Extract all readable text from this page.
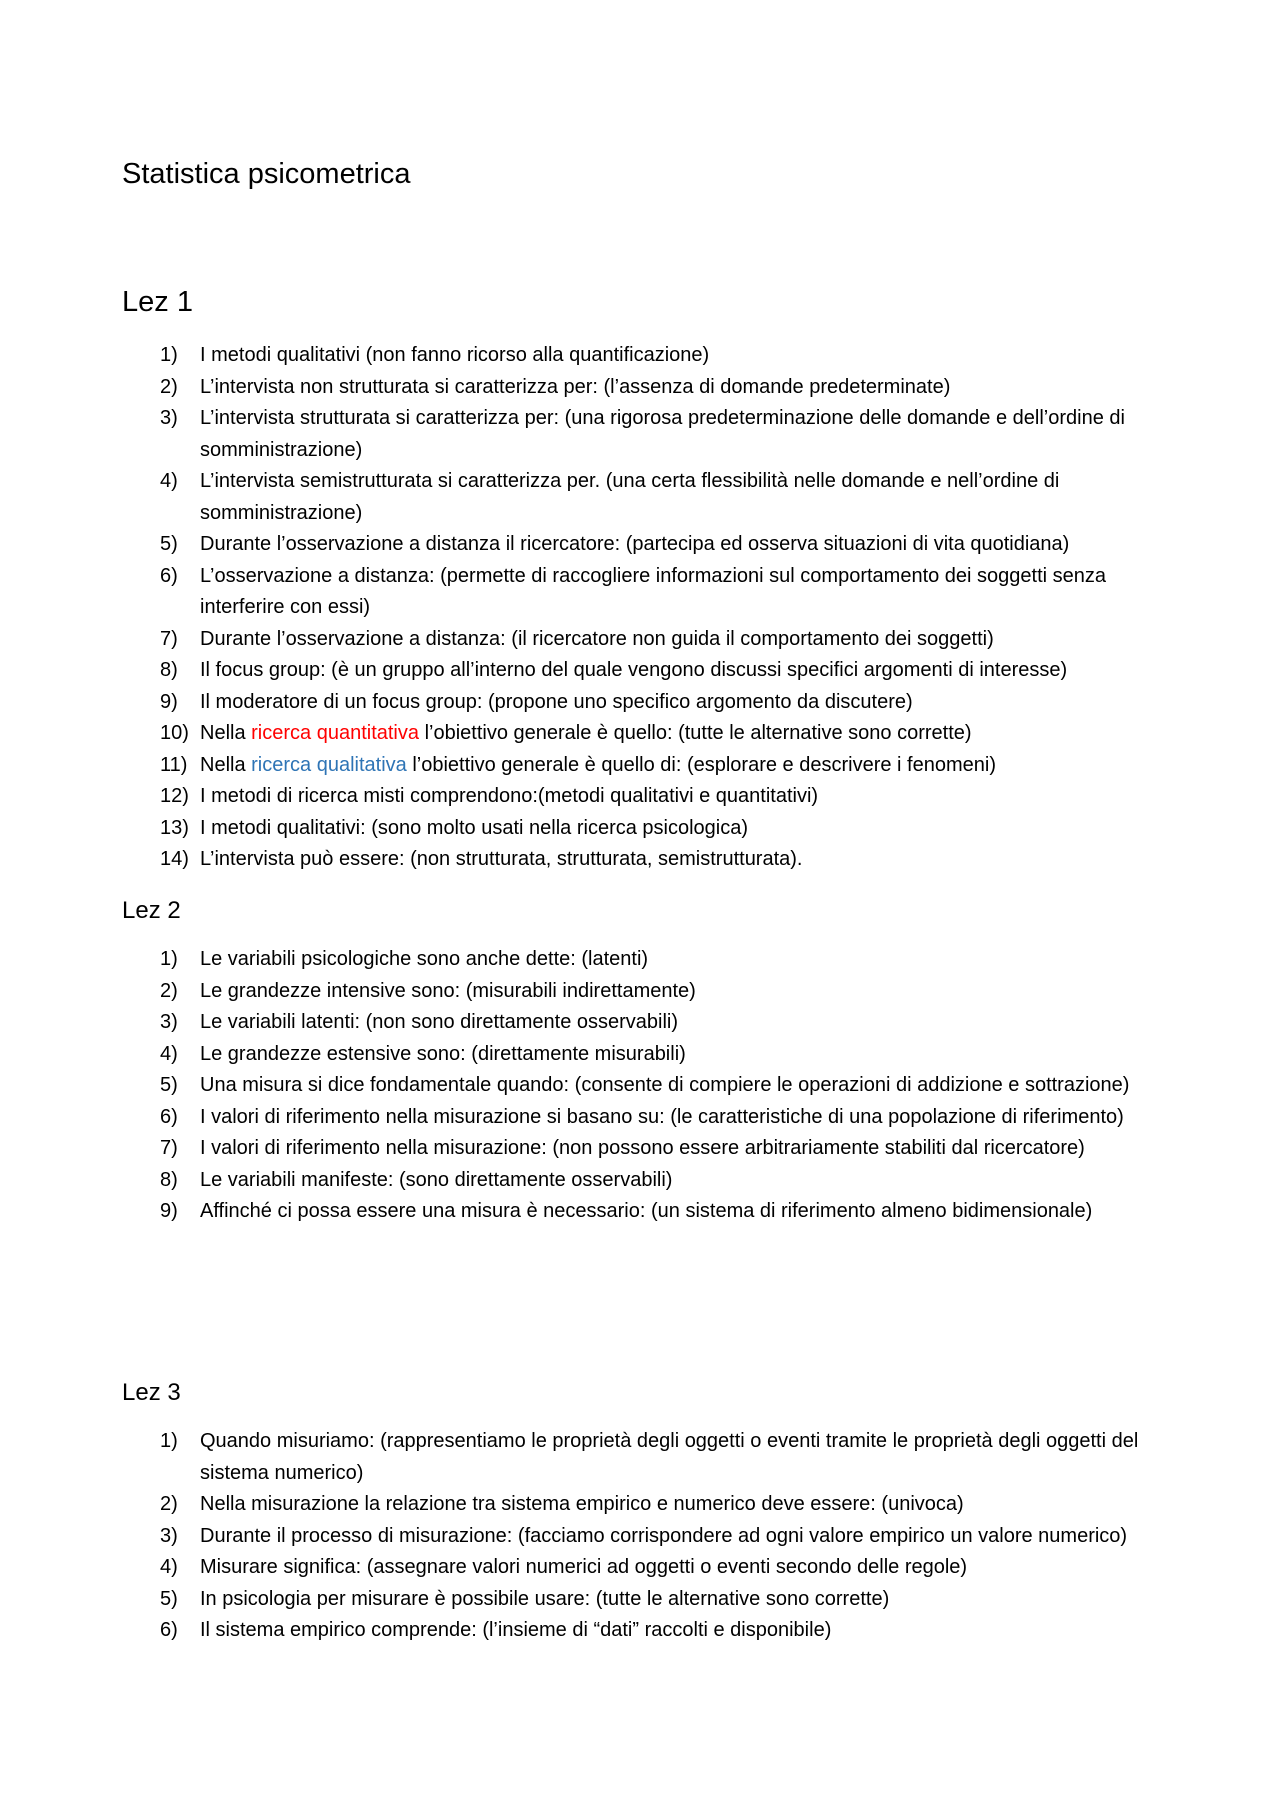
Statistica psicometrica
Lez 1
1)	I metodi qualitativi (non fanno ricorso alla quantificazione)
2)	L’intervista non strutturata si caratterizza per: (l’assenza di domande predeterminate)
3)	L’intervista strutturata si caratterizza per: (una rigorosa predeterminazione delle domande e dell’ordine di somministrazione)
4)	L’intervista semistrutturata si caratterizza per. (una certa flessibilità nelle domande e nell’ordine di somministrazione)
5)	Durante l’osservazione a distanza il ricercatore: (partecipa ed osserva situazioni di vita quotidiana)
6)	L’osservazione a distanza: (permette di raccogliere informazioni sul comportamento dei soggetti senza interferire con essi)
7)	Durante l’osservazione a distanza: (il ricercatore non guida il comportamento dei soggetti)
8)	Il focus group: (è un gruppo all’interno del quale vengono discussi specifici argomenti di interesse)
9)	Il moderatore di un focus group: (propone uno specifico argomento da discutere)
10) Nella ricerca quantitativa l’obiettivo generale è quello: (tutte le alternative sono corrette)
11) Nella ricerca qualitativa l’obiettivo generale è quello di: (esplorare e descrivere i fenomeni)
12) I metodi di ricerca misti comprendono:(metodi qualitativi e quantitativi)
13) I metodi qualitativi: (sono molto usati nella ricerca psicologica)
14) L’intervista può essere: (non strutturata, strutturata, semistrutturata).
Lez 2
1)	Le variabili psicologiche sono anche dette: (latenti)
2)	Le grandezze intensive sono: (misurabili indirettamente)
3)	Le variabili latenti: (non sono direttamente osservabili)
4)	Le grandezze estensive sono: (direttamente misurabili)
5)	Una misura si dice fondamentale quando: (consente di compiere le operazioni di addizione e sottrazione)
6)	I valori di riferimento nella misurazione si basano su: (le caratteristiche di una popolazione di riferimento)
7)	I valori di riferimento nella misurazione: (non possono essere arbitrariamente stabiliti dal ricercatore)
8)	Le variabili manifeste: (sono direttamente osservabili)
9)	Affinché ci possa essere una misura è necessario: (un sistema di riferimento almeno bidimensionale)
Lez 3
1)	Quando misuriamo: (rappresentiamo le proprietà degli oggetti o eventi tramite le proprietà degli oggetti del sistema numerico)
2)	Nella misurazione la relazione tra sistema empirico e numerico deve essere: (univoca)
3)	Durante il processo di misurazione: (facciamo corrispondere ad ogni valore empirico un valore numerico)
4)	Misurare significa: (assegnare valori numerici ad oggetti o eventi secondo delle regole)
5)	In psicologia per misurare è possibile usare: (tutte le alternative sono corrette)
6)	Il sistema empirico comprende: (l’insieme di “dati” raccolti e disponibile)
